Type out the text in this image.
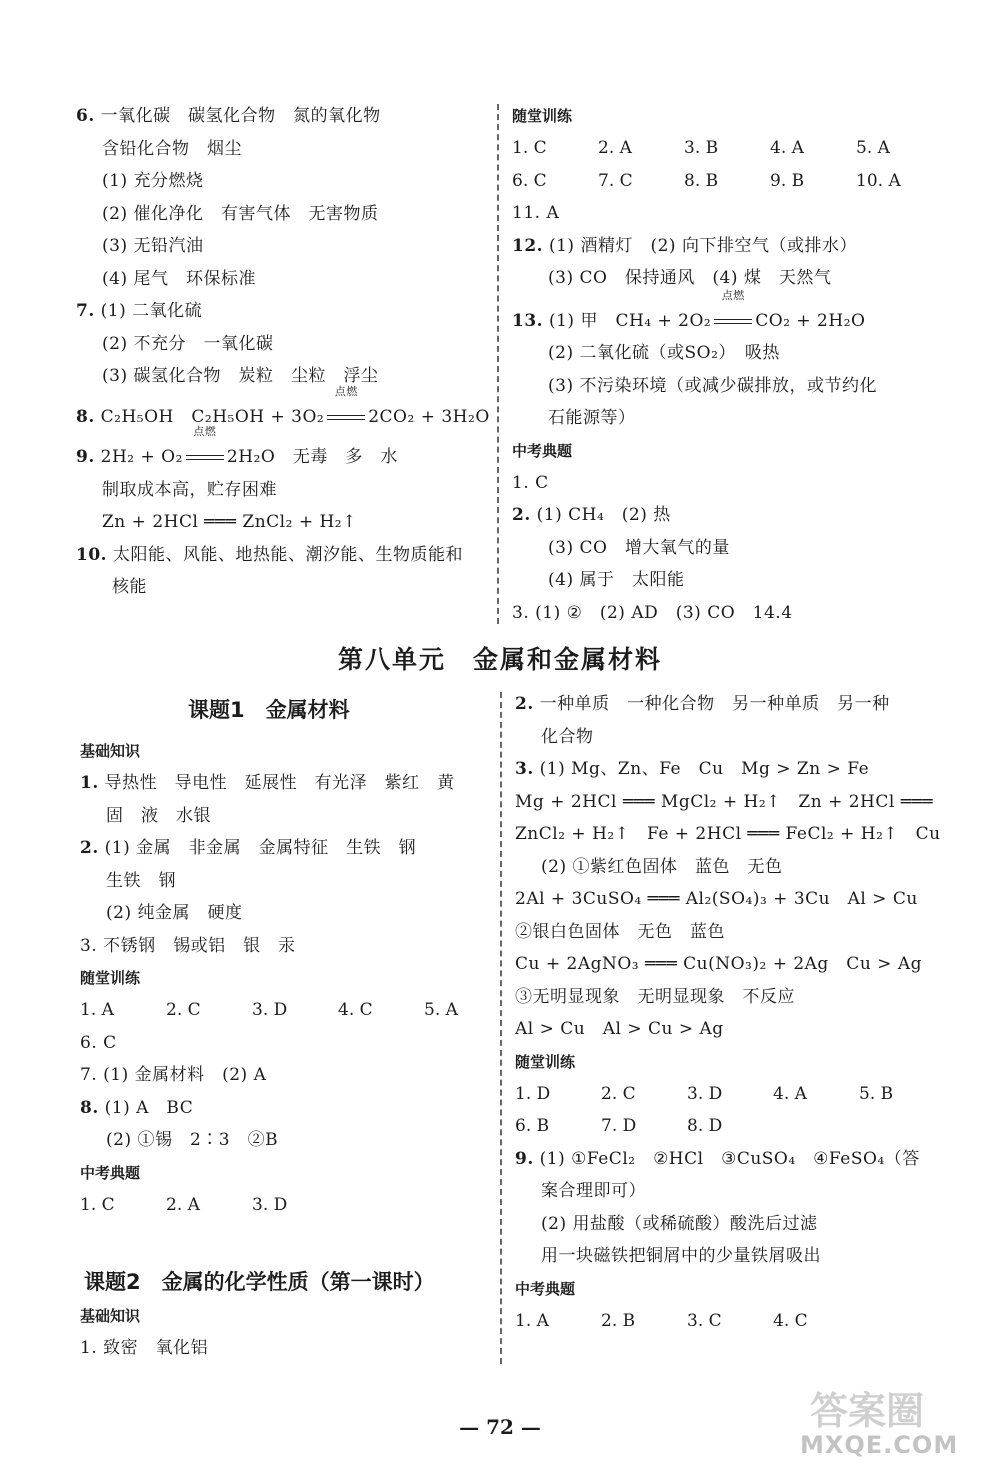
6. 一氧化碳　碳氢化合物　氮的氧化物
含铅化合物　烟尘
(1) 充分燃烧
(2) 催化净化　有害气体　无害物质
(3) 无铅汽油
(4) 尾气　环保标准
7. (1) 二氧化硫
(2) 不充分　一氧化碳
(3) 碳氢化合物　炭粒　尘粒　浮尘
8. C₂H₅OH　C₂H₅OH + 3O₂
点燃
2CO₂ + 3H₂O
9. 2H₂ + O₂
点燃
2H₂O　无毒　多　水
制取成本高，贮存困难
Zn + 2HCl ═══ ZnCl₂ + H₂↑
10. 太阳能、风能、地热能、潮汐能、生物质能和
核能
随堂训练
1. C	2. A	3. B	4. A	5. A
6. C	7. C	8. B	9. B	10. A
11. A
12. (1) 酒精灯　(2) 向下排空气（或排水）
(3) CO　保持通风　(4) 煤　天然气
13. (1) 甲　CH₄ + 2O₂
点燃
CO₂ + 2H₂O
(2) 二氧化硫（或SO₂）　吸热
(3) 不污染环境（或减少碳排放，或节约化
石能源等）
中考典题
1. C
2. (1) CH₄　(2) 热
(3) CO　增大氧气的量
(4) 属于　太阳能
3. (1) ②　(2) AD　(3) CO　14.4
第八单元　金属和金属材料
课题1　金属材料
基础知识
1. 导热性　导电性　延展性　有光泽　紫红　黄
固　液　水银
2. (1) 金属　非金属　金属特征　生铁　钢
生铁　钢
(2) 纯金属　硬度
3. 不锈钢　锡或铝　银　汞
随堂训练
1. A	2. C	3. D	4. C	5. A
6. C
7. (1) 金属材料　(2) A
8. (1) A　BC
(2) ①锡　2∶3　②B
中考典题
1. C	2. A	3. D
课题2　金属的化学性质（第一课时）
基础知识
1. 致密　氧化铝
2. 一种单质　一种化合物　另一种单质　另一种
化合物
3. (1) Mg、Zn、Fe　Cu　Mg > Zn > Fe
Mg + 2HCl ═══ MgCl₂ + H₂↑　Zn + 2HCl ═══
ZnCl₂ + H₂↑　Fe + 2HCl ═══ FeCl₂ + H₂↑　Cu
(2) ①紫红色固体　蓝色　无色
2Al + 3CuSO₄ ═══ Al₂(SO₄)₃ + 3Cu　Al > Cu
②银白色固体　无色　蓝色
Cu + 2AgNO₃ ═══ Cu(NO₃)₂ + 2Ag　Cu > Ag
③无明显现象　无明显现象　不反应
Al > Cu　Al > Cu > Ag
随堂训练
1. D	2. C	3. D	4. A	5. B
6. B	7. D	8. D
9. (1) ①FeCl₂　②HCl　③CuSO₄　④FeSO₄（答
案合理即可）
(2) 用盐酸（或稀硫酸）酸洗后过滤
用一块磁铁把铜屑中的少量铁屑吸出
中考典题
1. A	2. B	3. C	4. C
— 72 —	答案圈
MXQE.COM
